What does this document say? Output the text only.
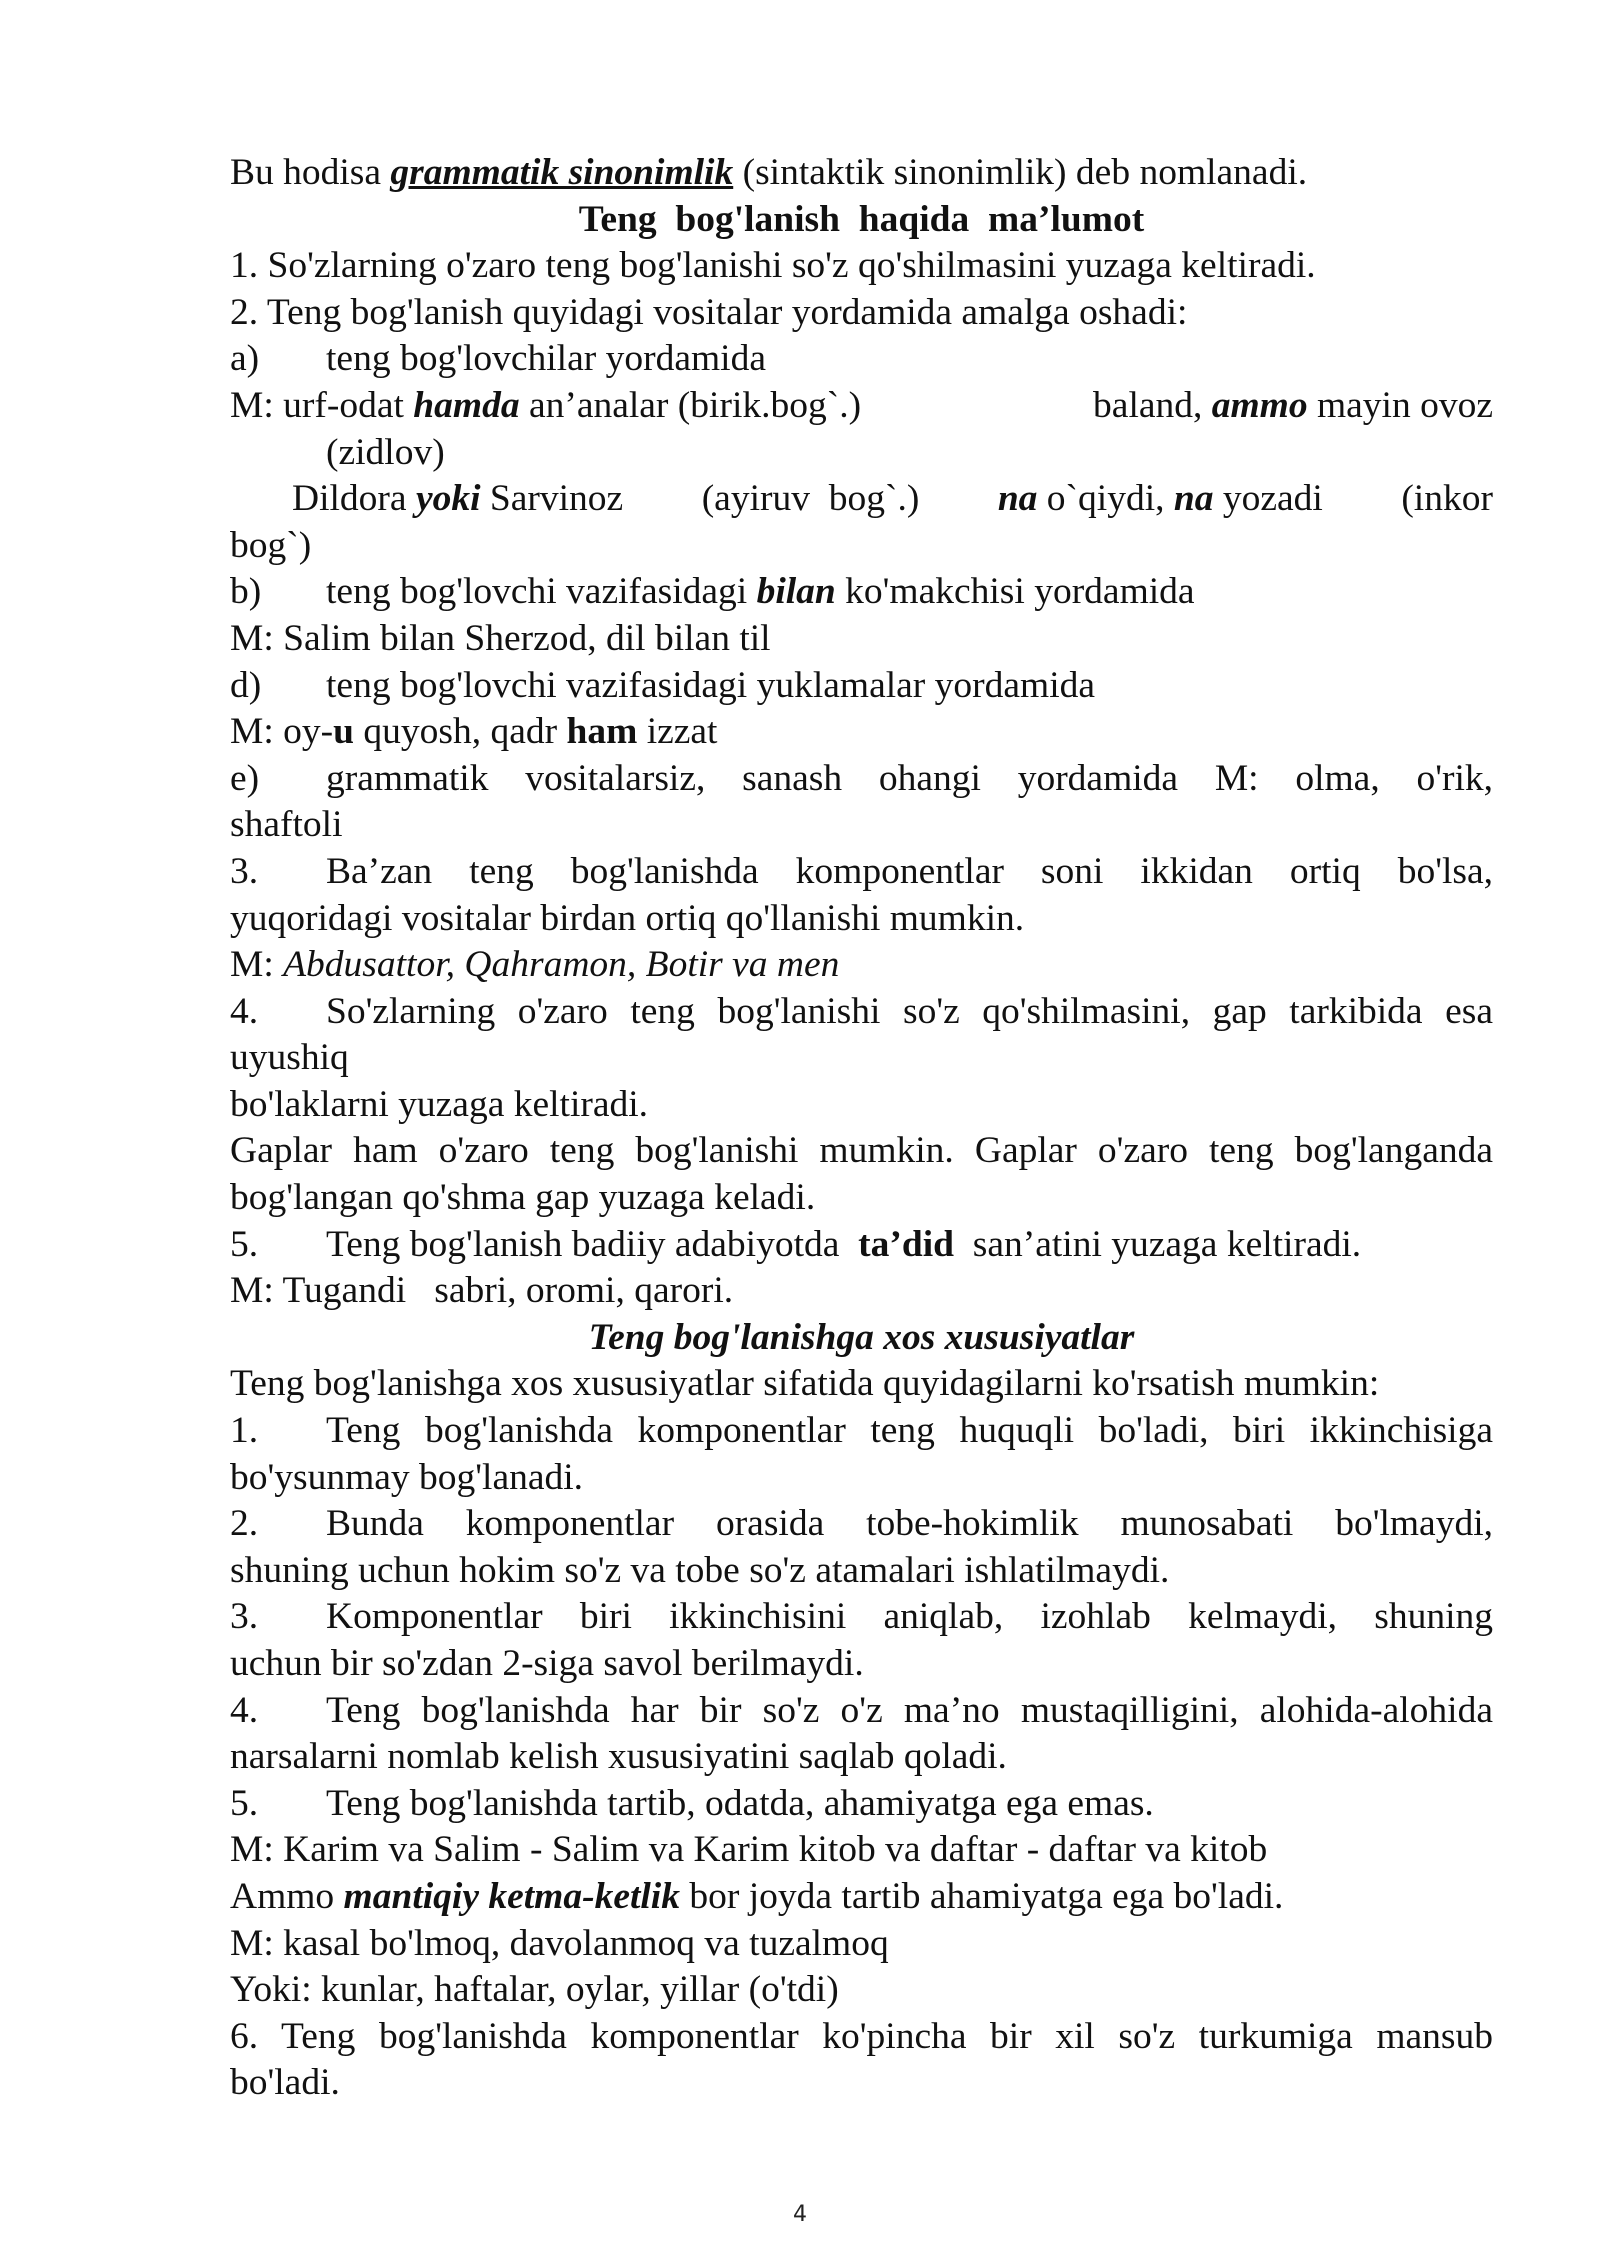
Bu hodisa grammatik sinonimlik (sintaktik sinonimlik) deb nomlanadi.
Teng  bog'lanish  haqida  ma’lumot
1. So'zlarning o'zaro teng bog'lanishi so'z qo'shilmasini yuzaga keltiradi.
2. Teng bog'lanish quyidagi vositalar yordamida amalga oshadi:
a) teng bog'lovchilar yordamida
M: urf-odat hamda an’analar (birik.bog`.)	baland, ammo mayin ovoz
(zidlov)
Dildora yoki Sarvinoz (ayiruv  bog`.) na o`qiydi, na yozadi (inkor
bog`)
b) teng bog'lovchi vazifasidagi bilan ko'makchisi yordamida
M: Salim bilan Sherzod, dil bilan til
d) teng bog'lovchi vazifasidagi yuklamalar yordamida
M: oy-u quyosh, qadr ham izzat
e)	grammatik vositalarsiz, sanash ohangi yordamida M: olma, o'rik,
shaftoli
3.	Ba’zan teng bog'lanishda komponentlar soni ikkidan ortiq bo'lsa,
yuqoridagi vositalar birdan ortiq qo'llanishi mumkin.
M: Abdusattor, Qahramon, Botir va men
4.	So'zlarning o'zaro teng bog'lanishi so'z qo'shilmasini, gap tarkibida esa
uyushiq
bo'laklarni yuzaga keltiradi.
Gaplar ham o'zaro teng bog'lanishi mumkin. Gaplar o'zaro teng bog'langanda
bog'langan qo'shma gap yuzaga keladi.
5. Teng bog'lanish badiiy adabiyotda  ta’did  san’atini yuzaga keltiradi.
M: Tugandi   sabri, oromi, qarori.
Teng bog'lanishga xos xususiyatlar
Teng bog'lanishga xos xususiyatlar sifatida quyidagilarni ko'rsatish mumkin:
1.	Teng bog'lanishda komponentlar teng huquqli bo'ladi, biri ikkinchisiga
bo'ysunmay bog'lanadi.
2.	Bunda komponentlar orasida tobe-hokimlik munosabati bo'lmaydi,
shuning uchun hokim so'z va tobe so'z atamalari ishlatilmaydi.
3.	Komponentlar biri ikkinchisini aniqlab, izohlab kelmaydi, shuning
uchun bir so'zdan 2-siga savol berilmaydi.
4.	Teng bog'lanishda har bir so'z o'z ma’no mustaqilligini, alohida-alohida
narsalarni nomlab kelish xususiyatini saqlab qoladi.
5. Teng bog'lanishda tartib, odatda, ahamiyatga ega emas.
M: Karim va Salim - Salim va Karim kitob va daftar - daftar va kitob
Ammo mantiqiy ketma-ketlik bor joyda tartib ahamiyatga ega bo'ladi.
M: kasal bo'lmoq, davolanmoq va tuzalmoq
Yoki: kunlar, haftalar, oylar, yillar (o'tdi)
6. Teng bog'lanishda komponentlar ko'pincha bir xil so'z turkumiga mansub
bo'ladi.
4
